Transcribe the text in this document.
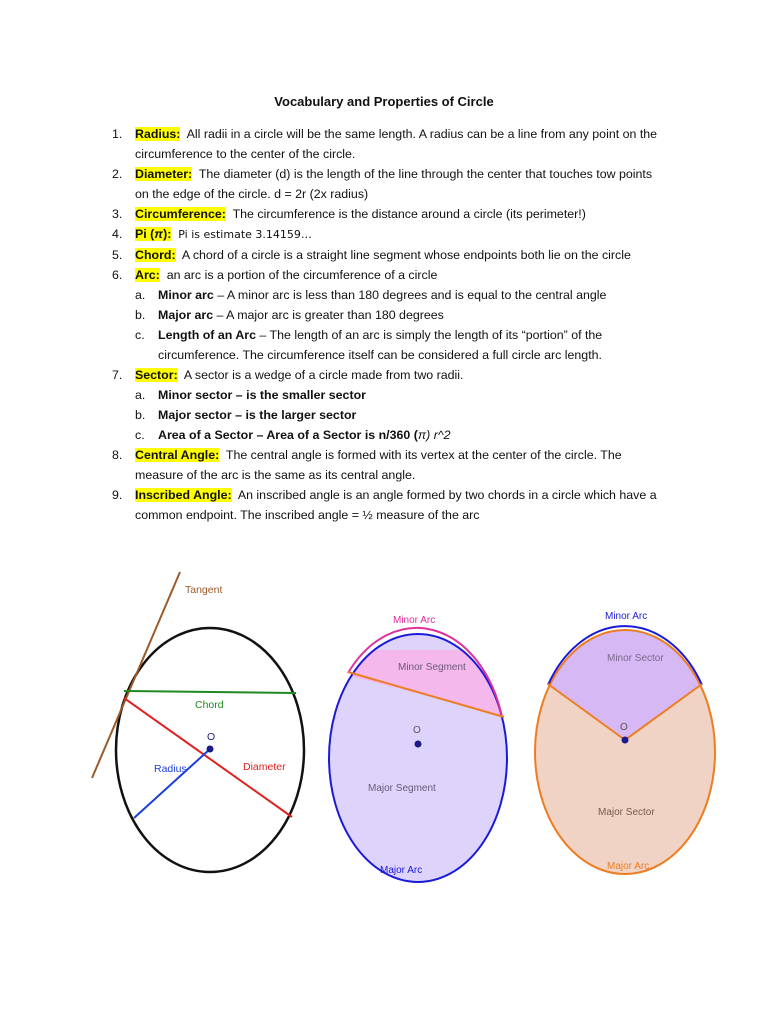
Vocabulary and Properties of Circle
1.	Radius: All radii in a circle will be the same length. A radius can be a line from any point on the
circumference to the center of the circle.
2.	Diameter: The diameter (d) is the length of the line through the center that touches tow points
on the edge of the circle. d = 2r (2x radius)
3.	Circumference: The circumference is the distance around a circle (its perimeter!)
4.	Pi (π): Pi is estimate 3.14159…
5.	Chord: A chord of a circle is a straight line segment whose endpoints both lie on the circle
6.	Arc: an arc is a portion of the circumference of a circle
a. Minor arc – A minor arc is less than 180 degrees and is equal to the central angle
b. Major arc – A major arc is greater than 180 degrees
c. Length of an Arc – The length of an arc is simply the length of its “portion” of the
circumference. The circumference itself can be considered a full circle arc length.
7.	Sector: A sector is a wedge of a circle made from two radii.
a. Minor sector – is the smaller sector
b. Major sector – is the larger sector
c. Area of a Sector – Area of a Sector is n/360 (π) r^2
8.	Central Angle: The central angle is formed with its vertex at the center of the circle. The
measure of the arc is the same as its central angle.
9.	Inscribed Angle: An inscribed angle is an angle formed by two chords in a circle which have a
common endpoint. The inscribed angle = ½ measure of the arc
Tangent
Chord
O
Radius	Diameter
Minor Arc
Minor Segment
O
Major Segment
Major Arc
Minor Arc
Minor Sector
O
Major Sector
Major Arc
